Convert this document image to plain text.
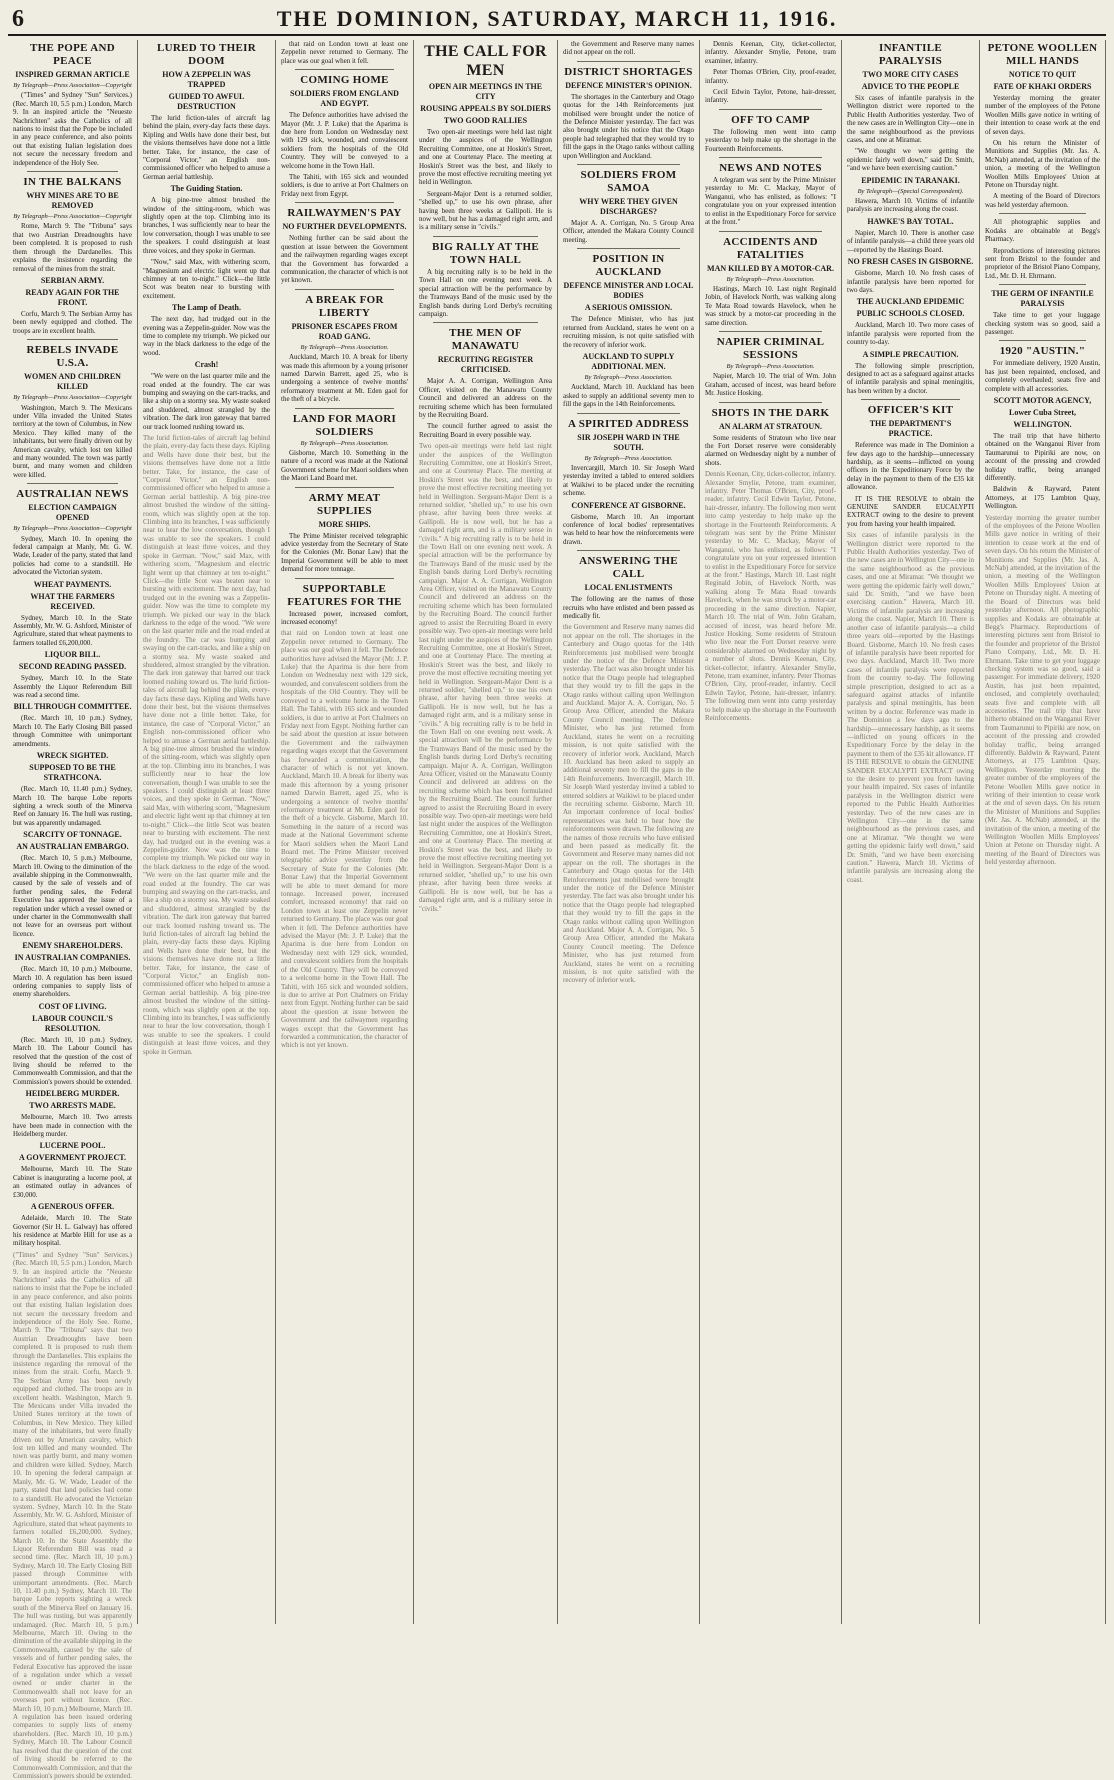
6	THE DOMINION, SATURDAY, MARCH 11, 1916.
THE POPE AND PEACE
INSPIRED GERMAN ARTICLE
By Telegraph—Press Association—Copyright

("Times" and Sydney "Sun" Services.) (Rec. March 10, 5.5 p.m.) London, March 9. In an inspired article the "Neueste Nachrichten" asks the Catholics of all nations to insist that the Pope be included in any peace conference, and also points out that existing Italian legislation does not secure the necessary freedom and independence of the Holy See.

IN THE BALKANS
WHY MINES ARE TO BE REMOVED
By Telegraph—Press Association—Copyright

Rome, March 9. The "Tribuna" says that two Austrian Dreadnoughts have been completed. It is proposed to rush them through the Dardanelles. This explains the insistence regarding the removal of the mines from the strait.

SERBIAN ARMY.
READY AGAIN FOR THE FRONT.

Corfu, March 9. The Serbian Army has been newly equipped and clothed. The troops are in excellent health.

REBELS INVADE U.S.A.
WOMEN AND CHILDREN KILLED
By Telegraph—Press Association—Copyright

Washington, March 9. The Mexicans under Villa invaded the United States territory at the town of Columbus, in New Mexico. They killed many of the inhabitants, but were finally driven out by American cavalry, which lost ten killed and many wounded. The town was partly burnt, and many women and children were killed.

AUSTRALIAN NEWS
ELECTION CAMPAIGN OPENED
By Telegraph—Press Association—Copyright

Sydney, March 10. In opening the federal campaign at Manly, Mr. G. W. Wade, Leader of the party, stated that land policies had come to a standstill. He advocated the Victorian system.

WHEAT PAYMENTS.
WHAT THE FARMERS RECEIVED.

Sydney, March 10. In the State Assembly, Mr. W. G. Ashford, Minister of Agriculture, stated that wheat payments to farmers totalled £6,200,000.

LIQUOR BILL.
SECOND READING PASSED.

Sydney, March 10. In the State Assembly the Liquor Referendum Bill was read a second time.

BILL THROUGH COMMITTEE.

(Rec. March 10, 10 p.m.) Sydney, March 10. The Early Closing Bill passed through Committee with unimportant amendments.

WRECK SIGHTED.
SUPPOSED TO BE THE STRATHCONA.

(Rec. March 10, 11.40 p.m.) Sydney, March 10. The barque Lobe reports sighting a wreck south of the Minerva Reef on January 16. The hull was rusting, but was apparently undamaged.

SCARCITY OF TONNAGE.
AN AUSTRALIAN EMBARGO.

(Rec. March 10, 5 p.m.) Melbourne, March 10. Owing to the diminution of the available shipping in the Commonwealth, caused by the sale of vessels and of further pending sales, the Federal Executive has approved the issue of a regulation under which a vessel owned or under charter in the Commonwealth shall not leave for an overseas port without licence.

ENEMY SHAREHOLDERS.
IN AUSTRALIAN COMPANIES.

(Rec. March 10, 10 p.m.) Melbourne, March 10. A regulation has been issued ordering companies to supply lists of enemy shareholders.

COST OF LIVING.
LABOUR COUNCIL'S RESOLUTION.

(Rec. March 10, 10 p.m.) Sydney, March 10. The Labour Council has resolved that the question of the cost of living should be referred to the Commonwealth Commission, and that the Commission's powers should be extended.

HEIDELBERG MURDER.
TWO ARRESTS MADE.

Melbourne, March 10. Two arrests have been made in connection with the Heidelberg murder.

LUCERNE POOL.
A GOVERNMENT PROJECT.

Melbourne, March 10. The State Cabinet is inaugurating a lucerne pool, at an estimated outlay in advances of £30,000.

A GENEROUS OFFER.

Adelaide, March 10. The State Governor (Sir H. L. Galway) has offered his residence at Marble Hill for use as a military hospital.

("Times" and Sydney "Sun" Services.) (Rec. March 10, 5.5 p.m.) London, March 9. In an inspired article the "Neueste Nachrichten" asks the Catholics of all nations to insist that the Pope be included in any peace conference, and also points out that existing Italian legislation does not secure the necessary freedom and independence of the Holy See. Rome, March 9. The "Tribuna" says that two Austrian Dreadnoughts have been completed. It is proposed to rush them through the Dardanelles. This explains the insistence regarding the removal of the mines from the strait. Corfu, March 9. The Serbian Army has been newly equipped and clothed. The troops are in excellent health. Washington, March 9. The Mexicans under Villa invaded the United States territory at the town of Columbus, in New Mexico. They killed many of the inhabitants, but were finally driven out by American cavalry, which lost ten killed and many wounded. The town was partly burnt, and many women and children were killed. Sydney, March 10. In opening the federal campaign at Manly, Mr. G. W. Wade, Leader of the party, stated that land policies had come to a standstill. He advocated the Victorian system. Sydney, March 10. In the State Assembly, Mr. W. G. Ashford, Minister of Agriculture, stated that wheat payments to farmers totalled £6,200,000. Sydney, March 10. In the State Assembly the Liquor Referendum Bill was read a second time. (Rec. March 10, 10 p.m.) Sydney, March 10. The Early Closing Bill passed through Committee with unimportant amendments. (Rec. March 10, 11.40 p.m.) Sydney, March 10. The barque Lobe reports sighting a wreck south of the Minerva Reef on January 16. The hull was rusting, but was apparently undamaged. (Rec. March 10, 5 p.m.) Melbourne, March 10. Owing to the diminution of the available shipping in the Commonwealth, caused by the sale of vessels and of further pending sales, the Federal Executive has approved the issue of a regulation under which a vessel owned or under charter in the Commonwealth shall not leave for an overseas port without licence. (Rec. March 10, 10 p.m.) Melbourne, March 10. A regulation has been issued ordering companies to supply lists of enemy shareholders. (Rec. March 10, 10 p.m.) Sydney, March 10. The Labour Council has resolved that the question of the cost of living should be referred to the Commonwealth Commission, and that the Commission's powers should be extended.
LURED TO THEIR DOOM
HOW A ZEPPELIN WAS TRAPPED
GUIDED TO AWFUL DESTRUCTION

The lurid fiction-tales of aircraft lag behind the plain, every-day facts these days. Kipling and Wells have done their best, but the visions themselves have done not a little better. Take, for instance, the case of "Corporal Victor," an English non-commissioned officer who helped to amuse a German aerial battleship.

The Guiding Station.

A big pine-tree almost brushed the window of the sitting-room, which was slightly open at the top. Climbing into its branches, I was sufficiently near to hear the low conversation, though I was unable to see the speakers. I could distinguish at least three voices, and they spoke in German.

"Now," said Max, with withering scorn, "Magnesium and electric light went up that chimney at ten to-night." Click—the little Scot was beaten near to bursting with excitement.

The Lamp of Death.

The next day, had trudged out in the evening was a Zeppelin-guider. Now was the time to complete my triumph. We picked our way in the black darkness to the edge of the wood.

Crash!

"We were on the last quarter mile and the road ended at the foundry. The car was bumping and swaying on the cart-tracks, and like a ship on a stormy sea. My waste soaked and shuddered, almost strangled by the vibration. The dark iron gateway that barred our track loomed rushing toward us.

The lurid fiction-tales of aircraft lag behind the plain, every-day facts these days. Kipling and Wells have done their best, but the visions themselves have done not a little better. Take, for instance, the case of "Corporal Victor," an English non-commissioned officer who helped to amuse a German aerial battleship. A big pine-tree almost brushed the window of the sitting-room, which was slightly open at the top. Climbing into its branches, I was sufficiently near to hear the low conversation, though I was unable to see the speakers. I could distinguish at least three voices, and they spoke in German. "Now," said Max, with withering scorn, "Magnesium and electric light went up that chimney at ten to-night." Click—the little Scot was beaten near to bursting with excitement. The next day, had trudged out in the evening was a Zeppelin-guider. Now was the time to complete my triumph. We picked our way in the black darkness to the edge of the wood. "We were on the last quarter mile and the road ended at the foundry. The car was bumping and swaying on the cart-tracks, and like a ship on a stormy sea. My waste soaked and shuddered, almost strangled by the vibration. The dark iron gateway that barred our track loomed rushing toward us. The lurid fiction-tales of aircraft lag behind the plain, every-day facts these days. Kipling and Wells have done their best, but the visions themselves have done not a little better. Take, for instance, the case of "Corporal Victor," an English non-commissioned officer who helped to amuse a German aerial battleship. A big pine-tree almost brushed the window of the sitting-room, which was slightly open at the top. Climbing into its branches, I was sufficiently near to hear the low conversation, though I was unable to see the speakers. I could distinguish at least three voices, and they spoke in German. "Now," said Max, with withering scorn, "Magnesium and electric light went up that chimney at ten to-night." Click—the little Scot was beaten near to bursting with excitement. The next day, had trudged out in the evening was a Zeppelin-guider. Now was the time to complete my triumph. We picked our way in the black darkness to the edge of the wood. "We were on the last quarter mile and the road ended at the foundry. The car was bumping and swaying on the cart-tracks, and like a ship on a stormy sea. My waste soaked and shuddered, almost strangled by the vibration. The dark iron gateway that barred our track loomed rushing toward us. The lurid fiction-tales of aircraft lag behind the plain, every-day facts these days. Kipling and Wells have done their best, but the visions themselves have done not a little better. Take, for instance, the case of "Corporal Victor," an English non-commissioned officer who helped to amuse a German aerial battleship. A big pine-tree almost brushed the window of the sitting-room, which was slightly open at the top. Climbing into its branches, I was sufficiently near to hear the low conversation, though I was unable to see the speakers. I could distinguish at least three voices, and they spoke in German.

that raid on London town at least one Zeppelin never returned to Germany. The place was our goal when it fell.

COMING HOME
SOLDIERS FROM ENGLAND AND EGYPT.

The Defence authorities have advised the Mayor (Mr. J. P. Luke) that the Aparima is due here from London on Wednesday next with 129 sick, wounded, and convalescent soldiers from the hospitals of the Old Country. They will be conveyed to a welcome home in the Town Hall.

The Tahiti, with 165 sick and wounded soldiers, is due to arrive at Port Chalmers on Friday next from Egypt.

RAILWAYMEN'S PAY
NO FURTHER DEVELOPMENTS.

Nothing further can be said about the question at issue between the Government and the railwaymen regarding wages except that the Government has forwarded a communication, the character of which is not yet known.

A BREAK FOR LIBERTY
PRISONER ESCAPES FROM ROAD GANG.
By Telegraph—Press Association.

Auckland, March 10. A break for liberty was made this afternoon by a young prisoner named Darwin Barrett, aged 25, who is undergoing a sentence of twelve months' reformatory treatment at Mt. Eden gaol for the theft of a bicycle.

LAND FOR MAORI SOLDIERS
By Telegraph—Press Association.

Gisborne, March 10. Something in the nature of a record was made at the National Government scheme for Maori soldiers when the Maori Land Board met.

ARMY MEAT SUPPLIES
MORE SHIPS.

The Prime Minister received telegraphic advice yesterday from the Secretary of State for the Colonies (Mr. Bonar Law) that the Imperial Government will be able to meet demand for more tonnage.

SUPPORTABLE FEATURES FOR THE

Increased power, increased comfort, increased economy!

that raid on London town at least one Zeppelin never returned to Germany. The place was our goal when it fell. The Defence authorities have advised the Mayor (Mr. J. P. Luke) that the Aparima is due here from London on Wednesday next with 129 sick, wounded, and convalescent soldiers from the hospitals of the Old Country. They will be conveyed to a welcome home in the Town Hall. The Tahiti, with 165 sick and wounded soldiers, is due to arrive at Port Chalmers on Friday next from Egypt. Nothing further can be said about the question at issue between the Government and the railwaymen regarding wages except that the Government has forwarded a communication, the character of which is not yet known. Auckland, March 10. A break for liberty was made this afternoon by a young prisoner named Darwin Barrett, aged 25, who is undergoing a sentence of twelve months' reformatory treatment at Mt. Eden gaol for the theft of a bicycle. Gisborne, March 10. Something in the nature of a record was made at the National Government scheme for Maori soldiers when the Maori Land Board met. The Prime Minister received telegraphic advice yesterday from the Secretary of State for the Colonies (Mr. Bonar Law) that the Imperial Government will be able to meet demand for more tonnage. Increased power, increased comfort, increased economy! that raid on London town at least one Zeppelin never returned to Germany. The place was our goal when it fell. The Defence authorities have advised the Mayor (Mr. J. P. Luke) that the Aparima is due here from London on Wednesday next with 129 sick, wounded, and convalescent soldiers from the hospitals of the Old Country. They will be conveyed to a welcome home in the Town Hall. The Tahiti, with 165 sick and wounded soldiers, is due to arrive at Port Chalmers on Friday next from Egypt. Nothing further can be said about the question at issue between the Government and the railwaymen regarding wages except that the Government has forwarded a communication, the character of which is not yet known.
THE CALL FOR MEN
OPEN AIR MEETINGS IN THE CITY
ROUSING APPEALS BY SOLDIERS
TWO GOOD RALLIES

Two open-air meetings were held last night under the auspices of the Wellington Recruiting Committee, one at Hoskin's Street, and one at Courtenay Place. The meeting at Hoskin's Street was the best, and likely to prove the most effective recruiting meeting yet held in Wellington.

Sergeant-Major Dent is a returned soldier, "shelled up," to use his own phrase, after having been three weeks at Gallipoli. He is now well, but he has a damaged right arm, and is a military sense in "civils."

BIG RALLY AT THE TOWN HALL

A big recruiting rally is to be held in the Town Hall on one evening next week. A special attraction will be the performance by the Tramways Band of the music used by the English bands during Lord Derby's recruiting campaign.

THE MEN OF MANAWATU
RECRUITING REGISTER CRITICISED.

Major A. A. Corrigan, Wellington Area Officer, visited on the Manawatu County Council and delivered an address on the recruiting scheme which has been formulated by the Recruiting Board.

The council further agreed to assist the Recruiting Board in every possible way.

Two open-air meetings were held last night under the auspices of the Wellington Recruiting Committee, one at Hoskin's Street, and one at Courtenay Place. The meeting at Hoskin's Street was the best, and likely to prove the most effective recruiting meeting yet held in Wellington. Sergeant-Major Dent is a returned soldier, "shelled up," to use his own phrase, after having been three weeks at Gallipoli. He is now well, but he has a damaged right arm, and is a military sense in "civils." A big recruiting rally is to be held in the Town Hall on one evening next week. A special attraction will be the performance by the Tramways Band of the music used by the English bands during Lord Derby's recruiting campaign. Major A. A. Corrigan, Wellington Area Officer, visited on the Manawatu County Council and delivered an address on the recruiting scheme which has been formulated by the Recruiting Board. The council further agreed to assist the Recruiting Board in every possible way. Two open-air meetings were held last night under the auspices of the Wellington Recruiting Committee, one at Hoskin's Street, and one at Courtenay Place. The meeting at Hoskin's Street was the best, and likely to prove the most effective recruiting meeting yet held in Wellington. Sergeant-Major Dent is a returned soldier, "shelled up," to use his own phrase, after having been three weeks at Gallipoli. He is now well, but he has a damaged right arm, and is a military sense in "civils." A big recruiting rally is to be held in the Town Hall on one evening next week. A special attraction will be the performance by the Tramways Band of the music used by the English bands during Lord Derby's recruiting campaign. Major A. A. Corrigan, Wellington Area Officer, visited on the Manawatu County Council and delivered an address on the recruiting scheme which has been formulated by the Recruiting Board. The council further agreed to assist the Recruiting Board in every possible way. Two open-air meetings were held last night under the auspices of the Wellington Recruiting Committee, one at Hoskin's Street, and one at Courtenay Place. The meeting at Hoskin's Street was the best, and likely to prove the most effective recruiting meeting yet held in Wellington. Sergeant-Major Dent is a returned soldier, "shelled up," to use his own phrase, after having been three weeks at Gallipoli. He is now well, but he has a damaged right arm, and is a military sense in "civils."

the Government and Reserve many names did not appear on the roll.

DISTRICT SHORTAGES
DEFENCE MINISTER'S OPINION.

The shortages in the Canterbury and Otago quotas for the 14th Reinforcements just mobilised were brought under the notice of the Defence Minister yesterday. The fact was also brought under his notice that the Otago people had telegraphed that they would try to fill the gaps in the Otago ranks without calling upon Wellington and Auckland.

SOLDIERS FROM SAMOA
WHY WERE THEY GIVEN DISCHARGES?

Major A. A. Corrigan, No. 5 Group Area Officer, attended the Makara County Council meeting.

POSITION IN AUCKLAND
DEFENCE MINISTER AND LOCAL BODIES
A SERIOUS OMISSION.

The Defence Minister, who has just returned from Auckland, states he went on a recruiting mission, is not quite satisfied with the recovery of inferior work.

AUCKLAND TO SUPPLY ADDITIONAL MEN.
By Telegraph—Press Association.

Auckland, March 10. Auckland has been asked to supply an additional seventy men to fill the gaps in the 14th Reinforcements.

A SPIRITED ADDRESS
SIR JOSEPH WARD IN THE SOUTH.
By Telegraph—Press Association.

Invercargill, March 10. Sir Joseph Ward yesterday invited a tabled to entered soldiers at Waikiwi to be placed under the recruiting scheme.

CONFERENCE AT GISBORNE.

Gisborne, March 10. An important conference of local bodies' representatives was held to hear how the reinforcements were drawn.

ANSWERING THE CALL
LOCAL ENLISTMENTS

The following are the names of those recruits who have enlisted and been passed as medically fit.

the Government and Reserve many names did not appear on the roll. The shortages in the Canterbury and Otago quotas for the 14th Reinforcements just mobilised were brought under the notice of the Defence Minister yesterday. The fact was also brought under his notice that the Otago people had telegraphed that they would try to fill the gaps in the Otago ranks without calling upon Wellington and Auckland. Major A. A. Corrigan, No. 5 Group Area Officer, attended the Makara County Council meeting. The Defence Minister, who has just returned from Auckland, states he went on a recruiting mission, is not quite satisfied with the recovery of inferior work. Auckland, March 10. Auckland has been asked to supply an additional seventy men to fill the gaps in the 14th Reinforcements. Invercargill, March 10. Sir Joseph Ward yesterday invited a tabled to entered soldiers at Waikiwi to be placed under the recruiting scheme. Gisborne, March 10. An important conference of local bodies' representatives was held to hear how the reinforcements were drawn. The following are the names of those recruits who have enlisted and been passed as medically fit. the Government and Reserve many names did not appear on the roll. The shortages in the Canterbury and Otago quotas for the 14th Reinforcements just mobilised were brought under the notice of the Defence Minister yesterday. The fact was also brought under his notice that the Otago people had telegraphed that they would try to fill the gaps in the Otago ranks without calling upon Wellington and Auckland. Major A. A. Corrigan, No. 5 Group Area Officer, attended the Makara County Council meeting. The Defence Minister, who has just returned from Auckland, states he went on a recruiting mission, is not quite satisfied with the recovery of inferior work.

Dennis Keenan, City, ticket-collector, infantry. Alexander Smylie, Petone, tram examiner, infantry.

Peter Thomas O'Brien, City, proof-reader, infantry.

Cecil Edwin Taylor, Petone, hair-dresser, infantry.

OFF TO CAMP

The following men went into camp yesterday to help make up the shortage in the Fourteenth Reinforcements.

NEWS AND NOTES

A telegram was sent by the Prime Minister yesterday to Mr. C. Mackay, Mayor of Wanganui, who has enlisted, as follows: "I congratulate you on your expressed intention to enlist in the Expeditionary Force for service at the front."

ACCIDENTS AND FATALITIES
MAN KILLED BY A MOTOR-CAR.
By Telegraph—Press Association.

Hastings, March 10. Last night Reginald Jobin, of Havelock North, was walking along Te Mata Road towards Havelock, when he was struck by a motor-car proceeding in the same direction.

NAPIER CRIMINAL SESSIONS
By Telegraph—Press Association.

Napier, March 10. The trial of Wm. John Graham, accused of incest, was heard before Mr. Justice Hosking.

SHOTS IN THE DARK
AN ALARM AT STRATOUN.

Some residents of Stratoun who live near the Fort Dorset reserve were considerably alarmed on Wednesday night by a number of shots.

Dennis Keenan, City, ticket-collector, infantry. Alexander Smylie, Petone, tram examiner, infantry. Peter Thomas O'Brien, City, proof-reader, infantry. Cecil Edwin Taylor, Petone, hair-dresser, infantry. The following men went into camp yesterday to help make up the shortage in the Fourteenth Reinforcements. A telegram was sent by the Prime Minister yesterday to Mr. C. Mackay, Mayor of Wanganui, who has enlisted, as follows: "I congratulate you on your expressed intention to enlist in the Expeditionary Force for service at the front." Hastings, March 10. Last night Reginald Jobin, of Havelock North, was walking along Te Mata Road towards Havelock, when he was struck by a motor-car proceeding in the same direction. Napier, March 10. The trial of Wm. John Graham, accused of incest, was heard before Mr. Justice Hosking. Some residents of Stratoun who live near the Fort Dorset reserve were considerably alarmed on Wednesday night by a number of shots. Dennis Keenan, City, ticket-collector, infantry. Alexander Smylie, Petone, tram examiner, infantry. Peter Thomas O'Brien, City, proof-reader, infantry. Cecil Edwin Taylor, Petone, hair-dresser, infantry. The following men went into camp yesterday to help make up the shortage in the Fourteenth Reinforcements.
INFANTILE PARALYSIS
TWO MORE CITY CASES
ADVICE TO THE PEOPLE

Six cases of infantile paralysis in the Wellington district were reported to the Public Health Authorities yesterday. Two of the new cases are in Wellington City—one in the same neighbourhood as the previous cases, and one at Miramar.

"We thought we were getting the epidemic fairly well down," said Dr. Smith, "and we have been exercising caution."

EPIDEMIC IN TARANAKI.
By Telegraph—(Special Correspondent).

Hawera, March 10. Victims of infantile paralysis are increasing along the coast.

HAWKE'S BAY TOTAL.

Napier, March 10. There is another case of infantile paralysis—a child three years old—reported by the Hastings Board.

NO FRESH CASES IN GISBORNE.

Gisborne, March 10. No fresh cases of infantile paralysis have been reported for two days.

THE AUCKLAND EPIDEMIC
PUBLIC SCHOOLS CLOSED.

Auckland, March 10. Two more cases of infantile paralysis were reported from the country to-day.

A SIMPLE PRECAUTION.

The following simple prescription, designed to act as a safeguard against attacks of infantile paralysis and spinal meningitis, has been written by a doctor.

OFFICER'S KIT
THE DEPARTMENT'S PRACTICE.

Reference was made in The Dominion a few days ago to the hardship—unnecessary hardship, as it seems—inflicted on young officers in the Expeditionary Force by the delay in the payment to them of the £35 kit allowance.

IT IS THE RESOLVE to obtain the GENUINE SANDER EUCALYPTI EXTRACT owing to the desire to prevent you from having your health impaired.

Six cases of infantile paralysis in the Wellington district were reported to the Public Health Authorities yesterday. Two of the new cases are in Wellington City—one in the same neighbourhood as the previous cases, and one at Miramar. "We thought we were getting the epidemic fairly well down," said Dr. Smith, "and we have been exercising caution." Hawera, March 10. Victims of infantile paralysis are increasing along the coast. Napier, March 10. There is another case of infantile paralysis—a child three years old—reported by the Hastings Board. Gisborne, March 10. No fresh cases of infantile paralysis have been reported for two days. Auckland, March 10. Two more cases of infantile paralysis were reported from the country to-day. The following simple prescription, designed to act as a safeguard against attacks of infantile paralysis and spinal meningitis, has been written by a doctor. Reference was made in The Dominion a few days ago to the hardship—unnecessary hardship, as it seems—inflicted on young officers in the Expeditionary Force by the delay in the payment to them of the £35 kit allowance. IT IS THE RESOLVE to obtain the GENUINE SANDER EUCALYPTI EXTRACT owing to the desire to prevent you from having your health impaired. Six cases of infantile paralysis in the Wellington district were reported to the Public Health Authorities yesterday. Two of the new cases are in Wellington City—one in the same neighbourhood as the previous cases, and one at Miramar. "We thought we were getting the epidemic fairly well down," said Dr. Smith, "and we have been exercising caution." Hawera, March 10. Victims of infantile paralysis are increasing along the coast.
PETONE WOOLLEN MILL HANDS
NOTICE TO QUIT
FATE OF KHAKI ORDERS

Yesterday morning the greater number of the employees of the Petone Woollen Mills gave notice in writing of their intention to cease work at the end of seven days.

On his return the Minister of Munitions and Supplies (Mr. Jas. A. McNab) attended, at the invitation of the union, a meeting of the Wellington Woollen Mills Employees' Union at Petone on Thursday night.

A meeting of the Board of Directors was held yesterday afternoon.

All photographic supplies and Kodaks are obtainable at Begg's Pharmacy.

Reproductions of interesting pictures sent from Bristol to the founder and proprietor of the Bristol Piano Company, Ltd., Mr. D. H. Ehrmann.

THE GERM OF INFANTILE PARALYSIS

Take time to get your luggage checking system was so good, said a passenger.

1920 "AUSTIN."

For immediate delivery, 1920 Austin, has just been repainted, enclosed, and completely overhauled; seats five and complete with all accessories.

SCOTT MOTOR AGENCY,
Lower Cuba Street,
WELLINGTON.

The trail trip that have hitherto obtained on the Wanganui River from Taumarunui to Pipiriki are now, on account of the pressing and crowded holiday traffic, being arranged differently.

Baldwin & Rayward, Patent Attorneys, at 175 Lambton Quay, Wellington.

Yesterday morning the greater number of the employees of the Petone Woollen Mills gave notice in writing of their intention to cease work at the end of seven days. On his return the Minister of Munitions and Supplies (Mr. Jas. A. McNab) attended, at the invitation of the union, a meeting of the Wellington Woollen Mills Employees' Union at Petone on Thursday night. A meeting of the Board of Directors was held yesterday afternoon. All photographic supplies and Kodaks are obtainable at Begg's Pharmacy. Reproductions of interesting pictures sent from Bristol to the founder and proprietor of the Bristol Piano Company, Ltd., Mr. D. H. Ehrmann. Take time to get your luggage checking system was so good, said a passenger. For immediate delivery, 1920 Austin, has just been repainted, enclosed, and completely overhauled; seats five and complete with all accessories. The trail trip that have hitherto obtained on the Wanganui River from Taumarunui to Pipiriki are now, on account of the pressing and crowded holiday traffic, being arranged differently. Baldwin & Rayward, Patent Attorneys, at 175 Lambton Quay, Wellington. Yesterday morning the greater number of the employees of the Petone Woollen Mills gave notice in writing of their intention to cease work at the end of seven days. On his return the Minister of Munitions and Supplies (Mr. Jas. A. McNab) attended, at the invitation of the union, a meeting of the Wellington Woollen Mills Employees' Union at Petone on Thursday night. A meeting of the Board of Directors was held yesterday afternoon.
